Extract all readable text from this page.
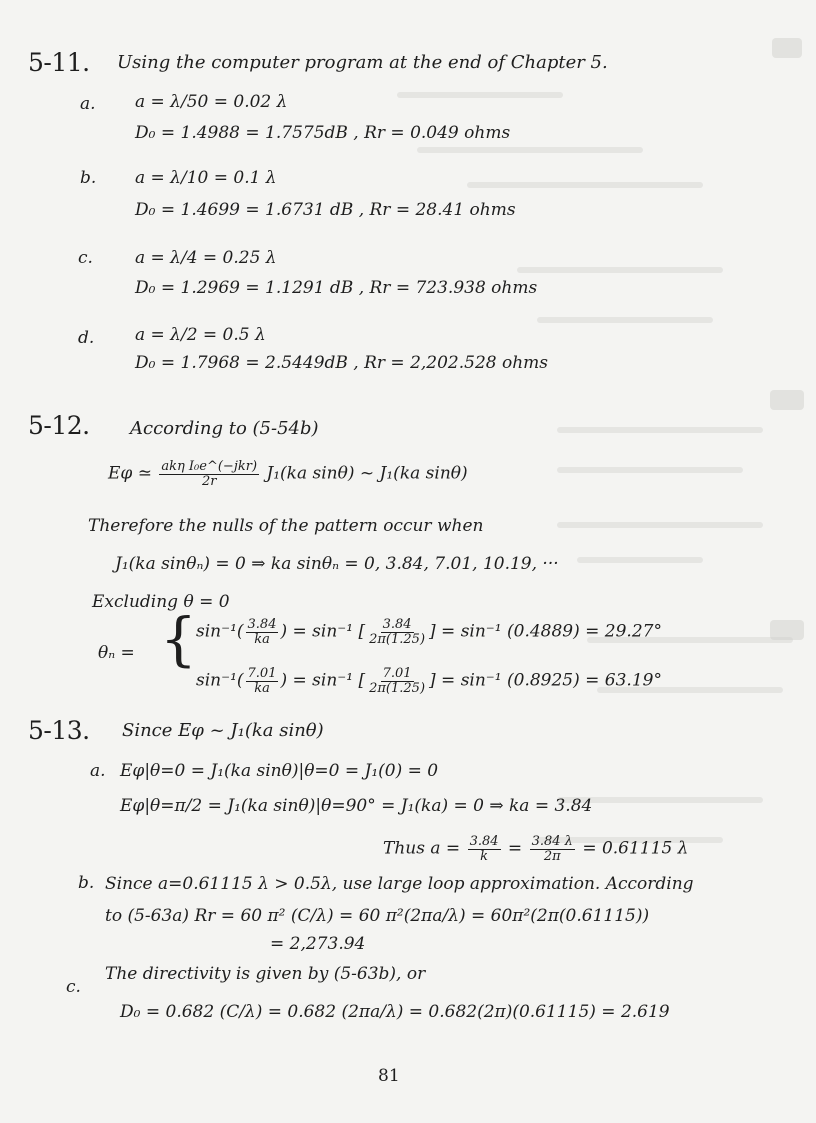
5-11. Using the computer program at the end of Chapter 5.
a. a = λ/50 = 0.02 λ
D₀ = 1.4988 = 1.7575dB , Rr = 0.049 ohms
b. a = λ/10 = 0.1 λ
D₀ = 1.4699 = 1.6731 dB , Rr = 28.41 ohms
c. a = λ/4 = 0.25 λ
D₀ = 1.2969 = 1.1291 dB , Rr = 723.938 ohms
d. a = λ/2 = 0.5 λ
D₀ = 1.7968 = 2.5449dB , Rr = 2,202.528 ohms
5-12. According to (5-54b)
Eφ ≃ $\frac{\text{akη I₀e\textasciicircum{}(−jkr)}}{2r} J_1(ka$ sinθ) ~ J₁(ka sinθ)
Therefore the nulls of the pattern occur when
J₁(ka sinθₙ) = 0 ⇒ ka sinθₙ = 0, 3.84, 7.01, 10.19, ···
Excluding θ = 0
θₙ = { $\sin^{-1}( \frac{3.84}{ka}$ ) = sin⁻¹ [ $\frac{3.84}{2\pi(1.25)}$ ] = sin⁻¹ (0.4889) = 29.27°
$\sin^{-1}( \frac{7.01}{ka}$ ) = sin⁻¹ [ $\frac{7.01}{2\pi(1.25)}$ ] = sin⁻¹ (0.8925) = 63.19°
5-13. Since Eφ ~ J₁(ka sinθ)
a. Eφ|θ=0 = J₁(ka sinθ)|θ=0 = J₁(0) = 0
Eφ|θ=π/2 = J₁(ka sinθ)|θ=90° = J₁(ka) = 0 ⇒ ka = 3.84
Thus $a = \frac{3.84}{k} = \frac{3.84 \lambda}{2\pi} = 0.61115$ λ
b. Since a=0.61115 λ > 0.5λ, use large loop approximation. According
to (5-63a) Rr = 60 π² (C/λ) = 60 π²(2πa/λ) = 60π²(2π(0.61115))
= 2,273.94
c.
The directivity is given by (5-63b), or
D₀ = 0.682 (C/λ) = 0.682 (2πa/λ) = 0.682(2π)(0.61115) = 2.619
81
